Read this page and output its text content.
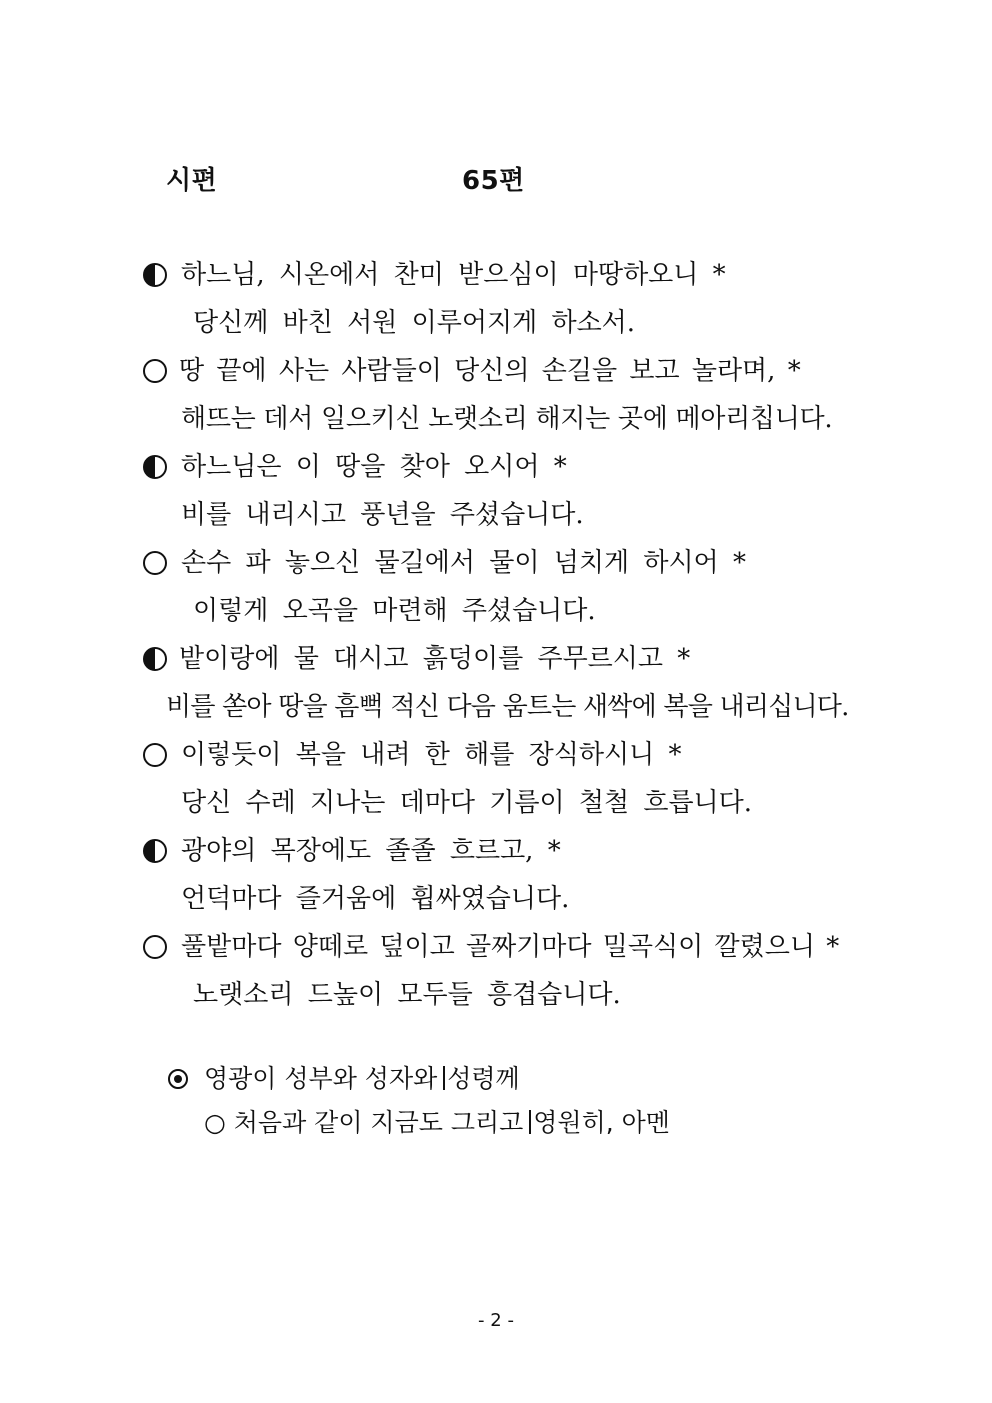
시편	65편
하느님, 시온에서 찬미 받으심이 마땅하오니 *
당신께 바친 서원 이루어지게 하소서.
땅 끝에 사는 사람들이 당신의 손길을 보고 놀라며, *
해뜨는 데서 일으키신 노랫소리 해지는 곳에 메아리칩니다.
하느님은 이 땅을 찾아 오시어 *
비를 내리시고 풍년을 주셨습니다.
손수 파 놓으신 물길에서 물이 넘치게 하시어 *
이렇게 오곡을 마련해 주셨습니다.
밭이랑에 물 대시고 흙덩이를 주무르시고 *
비를 쏟아 땅을 흠뻑 적신 다음 움트는 새싹에 복을 내리십니다.
이렇듯이 복을 내려 한 해를 장식하시니 *
당신 수레 지나는 데마다 기름이 철철 흐릅니다.
광야의 목장에도 졸졸 흐르고, *
언덕마다 즐거움에 휩싸였습니다.
풀밭마다 양떼로 덮이고 골짜기마다 밀곡식이 깔렸으니 *
노랫소리 드높이 모두들 흥겹습니다.
영광이 성부와 성자와 성령께
○ 처음과 같이 지금도 그리고 영원히, 아멘
- 2 -
